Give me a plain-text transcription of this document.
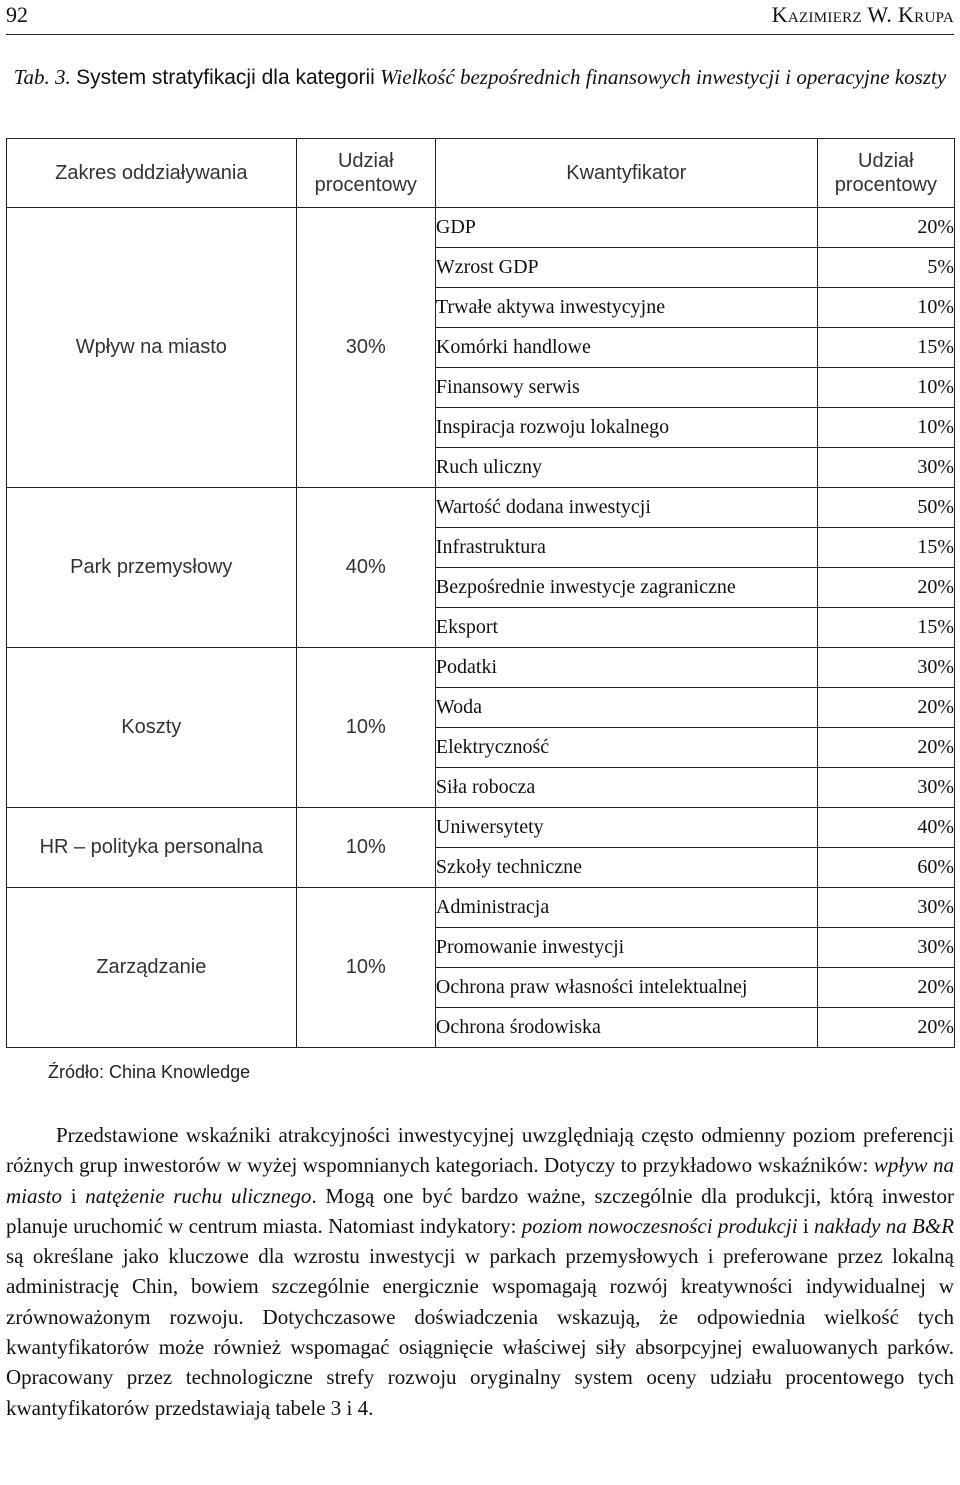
92	Kazimierz W. Krupa
Tab. 3. System stratyfikacji dla kategorii Wielkość bezpośrednich finansowych inwestycji i operacyjne koszty
Zakres oddziaływania	Udział procentowy	Kwantyfikator	Udział procentowy
Wpływ na miasto	30%	GDP	20%
		Wzrost GDP	5%
		Trwałe aktywa inwestycyjne	10%
		Komórki handlowe	15%
		Finansowy serwis	10%
		Inspiracja rozwoju lokalnego	10%
		Ruch uliczny	30%
Park przemysłowy	40%	Wartość dodana inwestycji	50%
		Infrastruktura	15%
		Bezpośrednie inwestycje zagraniczne	20%
		Eksport	15%
Koszty	10%	Podatki	30%
		Woda	20%
		Elektryczność	20%
		Siła robocza	30%
HR – polityka personalna	10%	Uniwersytety	40%
		Szkoły techniczne	60%
Zarządzanie	10%	Administracja	30%
		Promowanie inwestycji	30%
		Ochrona praw własności intelektualnej	20%
		Ochrona środowiska	20%
Źródło: China Knowledge

Przedstawione wskaźniki atrakcyjności inwestycyjnej uwzględniają często odmienny poziom preferencji różnych grup inwestorów w wyżej wspomnianych kategoriach. Dotyczy to przykładowo wskaźników: wpływ na miasto i natężenie ruchu ulicznego. Mogą one być bardzo ważne, szczególnie dla produkcji, którą inwestor planuje uruchomić w centrum miasta. Natomiast indykatory: poziom nowoczesności produkcji i nakłady na B&R są określane jako kluczowe dla wzrostu inwestycji w parkach przemysłowych i preferowane przez lokalną administrację Chin, bowiem szczególnie energicznie wspomagają rozwój kreatywności indywidualnej w zrównoważonym rozwoju. Dotychczasowe doświadczenia wskazują, że odpowiednia wielkość tych kwantyfikatorów może również wspomagać osiągnięcie właściwej siły absorpcyjnej ewaluowanych parków. Opracowany przez technologiczne strefy rozwoju oryginalny system oceny udziału procentowego tych kwantyfikatorów przedstawiają tabele 3 i 4.
